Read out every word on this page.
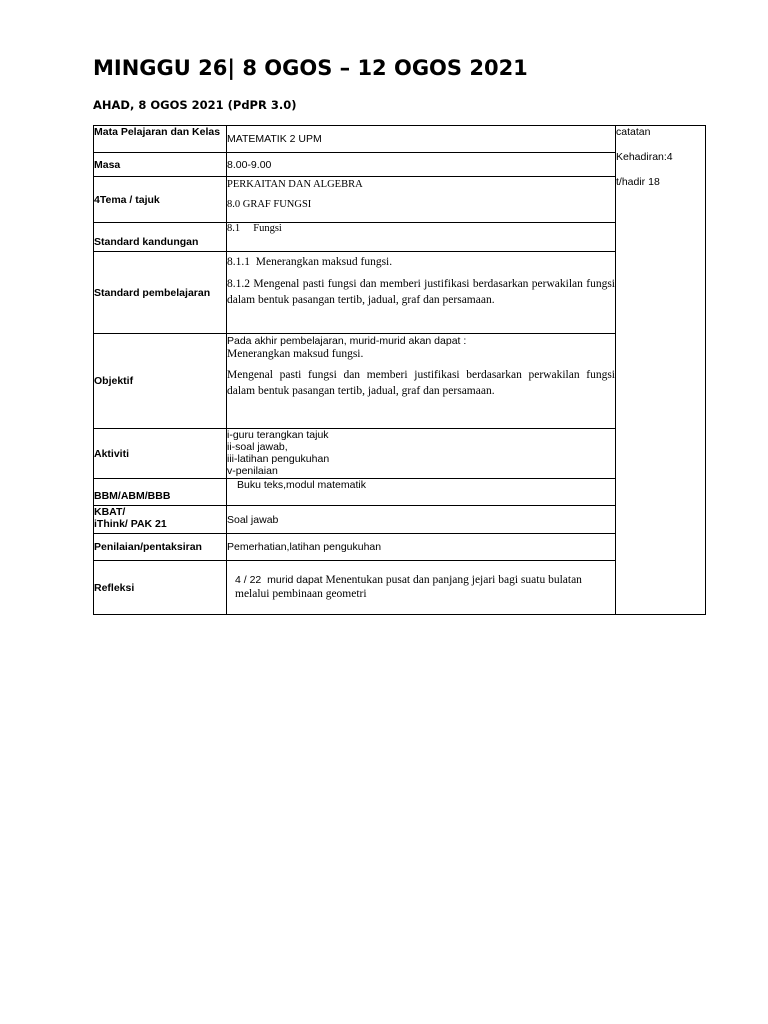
MINGGU 26| 8 OGOS – 12 OGOS 2021
AHAD, 8 OGOS 2021 (PdPR 3.0)
Mata Pelajaran dan Kelas	MATEMATIK 2 UPM	catatan
Kehadiran:4
t/hadir 18

Masa	8.00-9.00	
4Tema / tajuk	PERKAITAN DAN ALGEBRA
8.0 GRAF FUNGSI	

Standard kandungan	8.1     Fungsi	
Standard pembelajaran	8.1.1  Menerangkan maksud fungsi.
8.1.2 Mengenal pasti fungsi dan memberi justifikasi berdasarkan perwakilan fungsi dalam bentuk pasangan tertib, jadual, graf dan persamaan.	

Objektif	Pada akhir pembelajaran, murid-murid akan dapat :
Menerangkan maksud fungsi.
Mengenal pasti fungsi dan memberi justifikasi berdasarkan perwakilan fungsi dalam bentuk pasangan tertib, jadual, graf dan persamaan.	

Aktiviti	i-guru terangkan tajuk
ii-soal jawab,
iii-latihan pengukuhan
v-penilaian	

BBM/ABM/BBB	Buku teks,modul matematik	

KBAT/
iThink/ PAK 21	Soal jawab	
Penilaian/pentaksiran	Pemerhatian,latihan pengukuhan	
Refleksi	4 / 22  murid dapat Menentukan pusat dan panjang jejari bagi suatu bulatan melalui pembinaan geometri	
